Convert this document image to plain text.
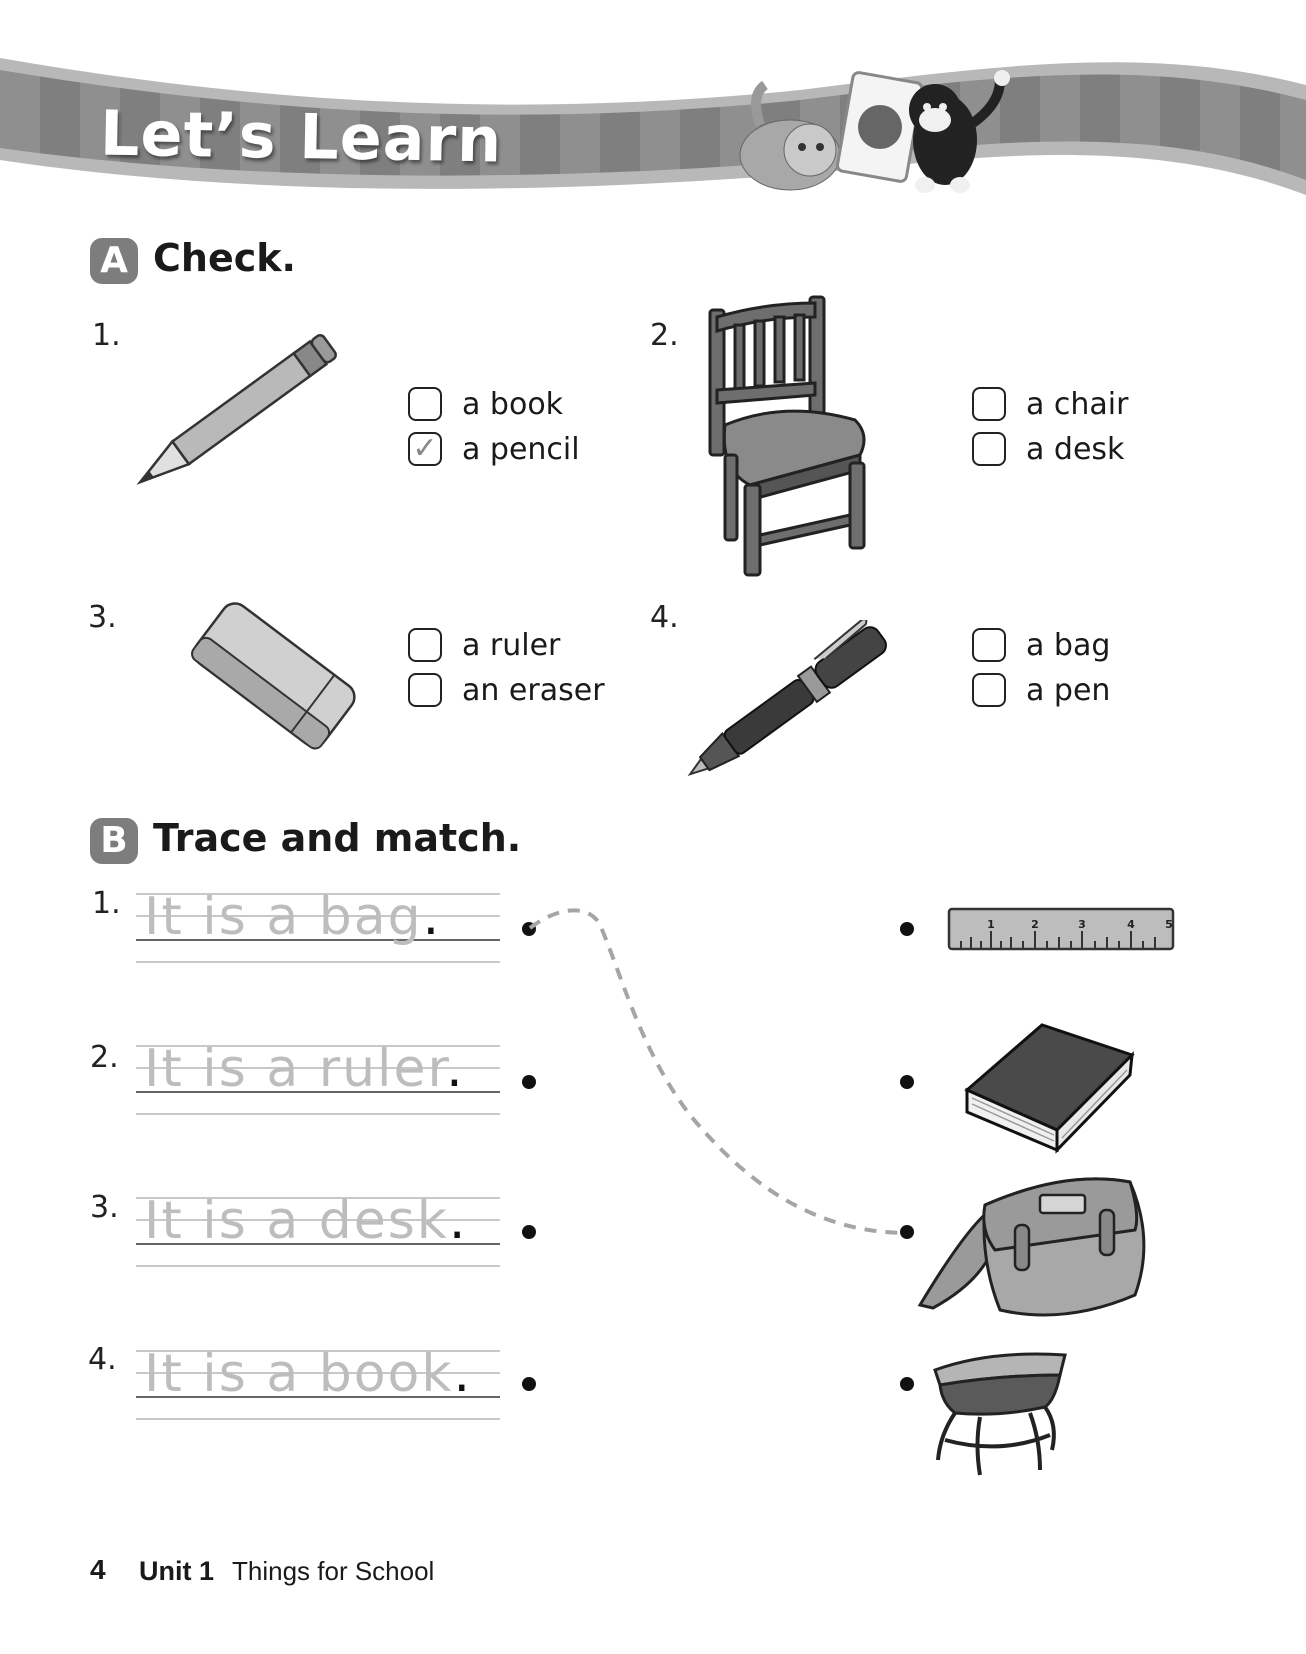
Let’s Learn
A Check.
1.
a book
✓ a pencil
2.
a chair
a desk
3.
a ruler
an eraser
4.
a bag
a pen
B Trace and match.
1. It is a bag.
2. It is a ruler.
3. It is a desk.
4. It is a book.
1	2	3	4	5
4 Unit 1 Things for School
